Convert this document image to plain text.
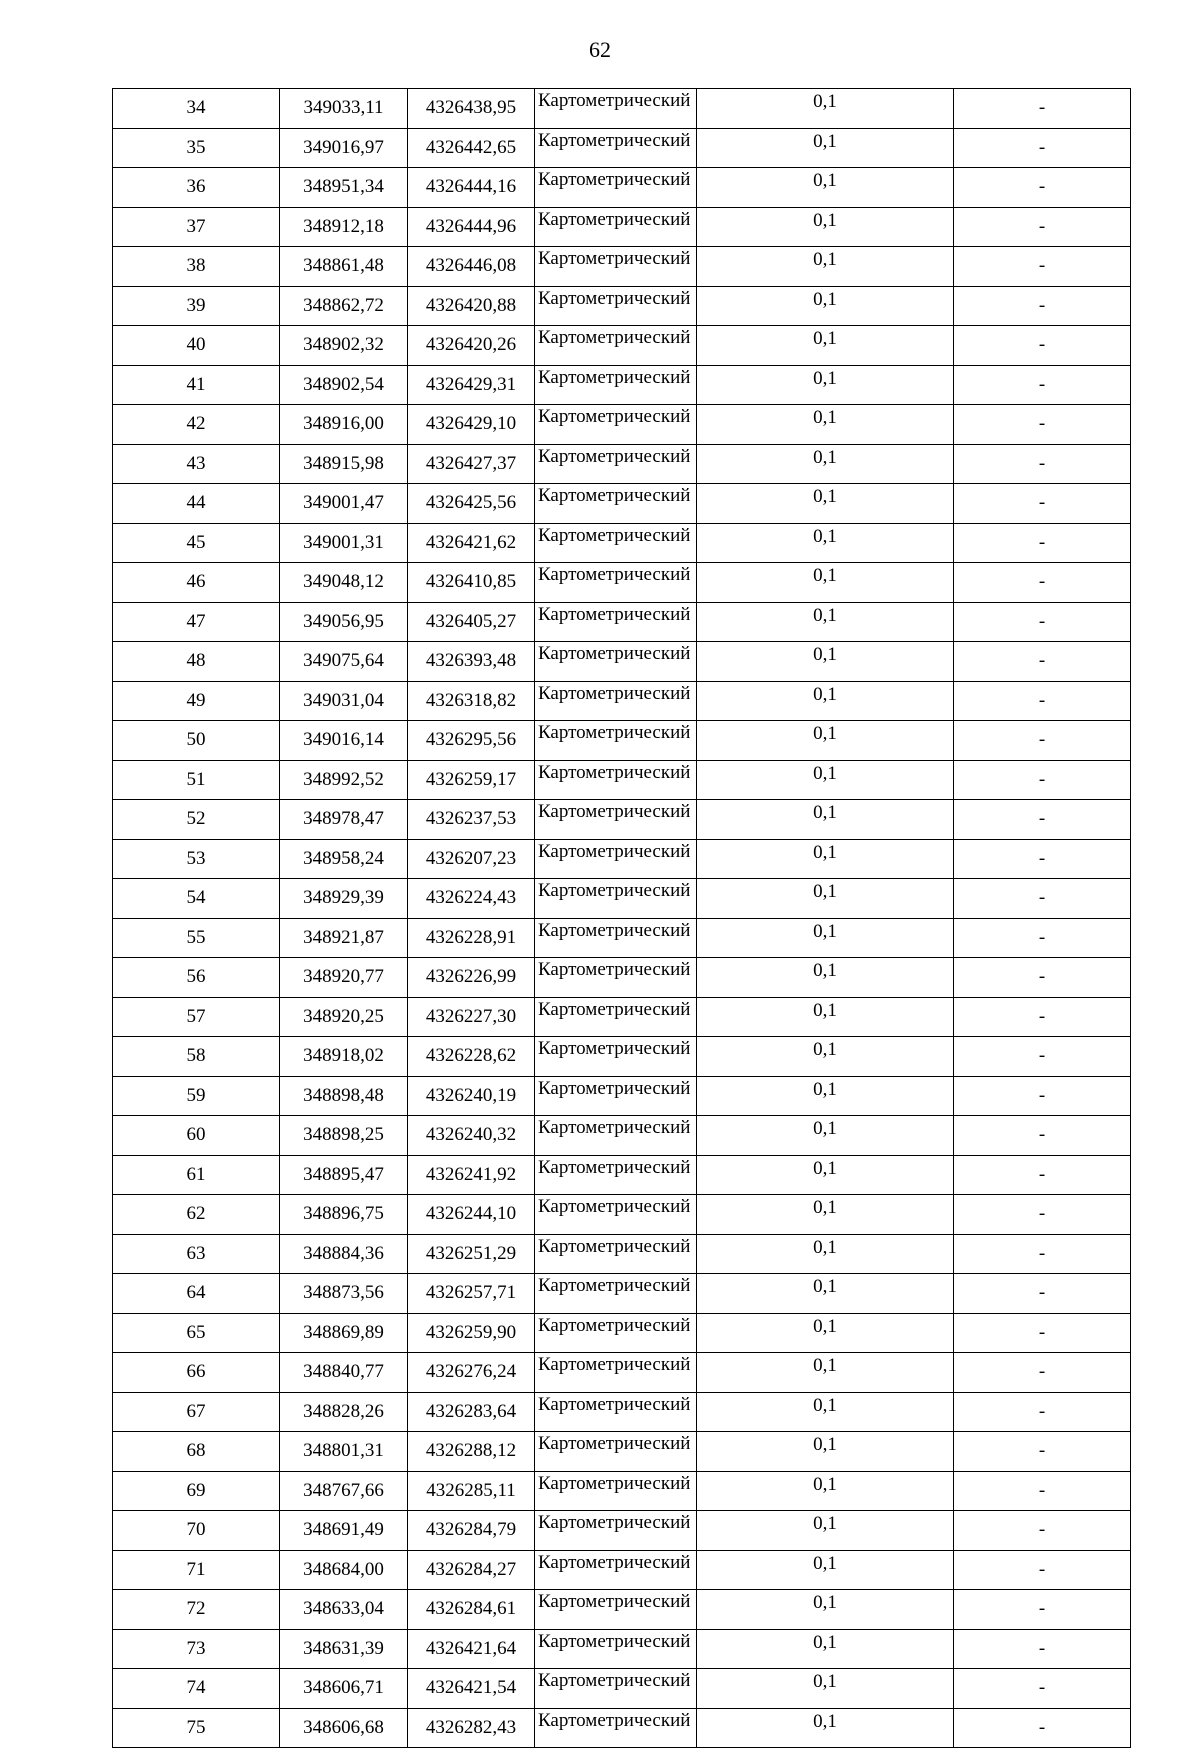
62
34	349033,11	4326438,95	Картометрический	0,1	-
35	349016,97	4326442,65	Картометрический	0,1	-
36	348951,34	4326444,16	Картометрический	0,1	-
37	348912,18	4326444,96	Картометрический	0,1	-
38	348861,48	4326446,08	Картометрический	0,1	-
39	348862,72	4326420,88	Картометрический	0,1	-
40	348902,32	4326420,26	Картометрический	0,1	-
41	348902,54	4326429,31	Картометрический	0,1	-
42	348916,00	4326429,10	Картометрический	0,1	-
43	348915,98	4326427,37	Картометрический	0,1	-
44	349001,47	4326425,56	Картометрический	0,1	-
45	349001,31	4326421,62	Картометрический	0,1	-
46	349048,12	4326410,85	Картометрический	0,1	-
47	349056,95	4326405,27	Картометрический	0,1	-
48	349075,64	4326393,48	Картометрический	0,1	-
49	349031,04	4326318,82	Картометрический	0,1	-
50	349016,14	4326295,56	Картометрический	0,1	-
51	348992,52	4326259,17	Картометрический	0,1	-
52	348978,47	4326237,53	Картометрический	0,1	-
53	348958,24	4326207,23	Картометрический	0,1	-
54	348929,39	4326224,43	Картометрический	0,1	-
55	348921,87	4326228,91	Картометрический	0,1	-
56	348920,77	4326226,99	Картометрический	0,1	-
57	348920,25	4326227,30	Картометрический	0,1	-
58	348918,02	4326228,62	Картометрический	0,1	-
59	348898,48	4326240,19	Картометрический	0,1	-
60	348898,25	4326240,32	Картометрический	0,1	-
61	348895,47	4326241,92	Картометрический	0,1	-
62	348896,75	4326244,10	Картометрический	0,1	-
63	348884,36	4326251,29	Картометрический	0,1	-
64	348873,56	4326257,71	Картометрический	0,1	-
65	348869,89	4326259,90	Картометрический	0,1	-
66	348840,77	4326276,24	Картометрический	0,1	-
67	348828,26	4326283,64	Картометрический	0,1	-
68	348801,31	4326288,12	Картометрический	0,1	-
69	348767,66	4326285,11	Картометрический	0,1	-
70	348691,49	4326284,79	Картометрический	0,1	-
71	348684,00	4326284,27	Картометрический	0,1	-
72	348633,04	4326284,61	Картометрический	0,1	-
73	348631,39	4326421,64	Картометрический	0,1	-
74	348606,71	4326421,54	Картометрический	0,1	-
75	348606,68	4326282,43	Картометрический	0,1	-
